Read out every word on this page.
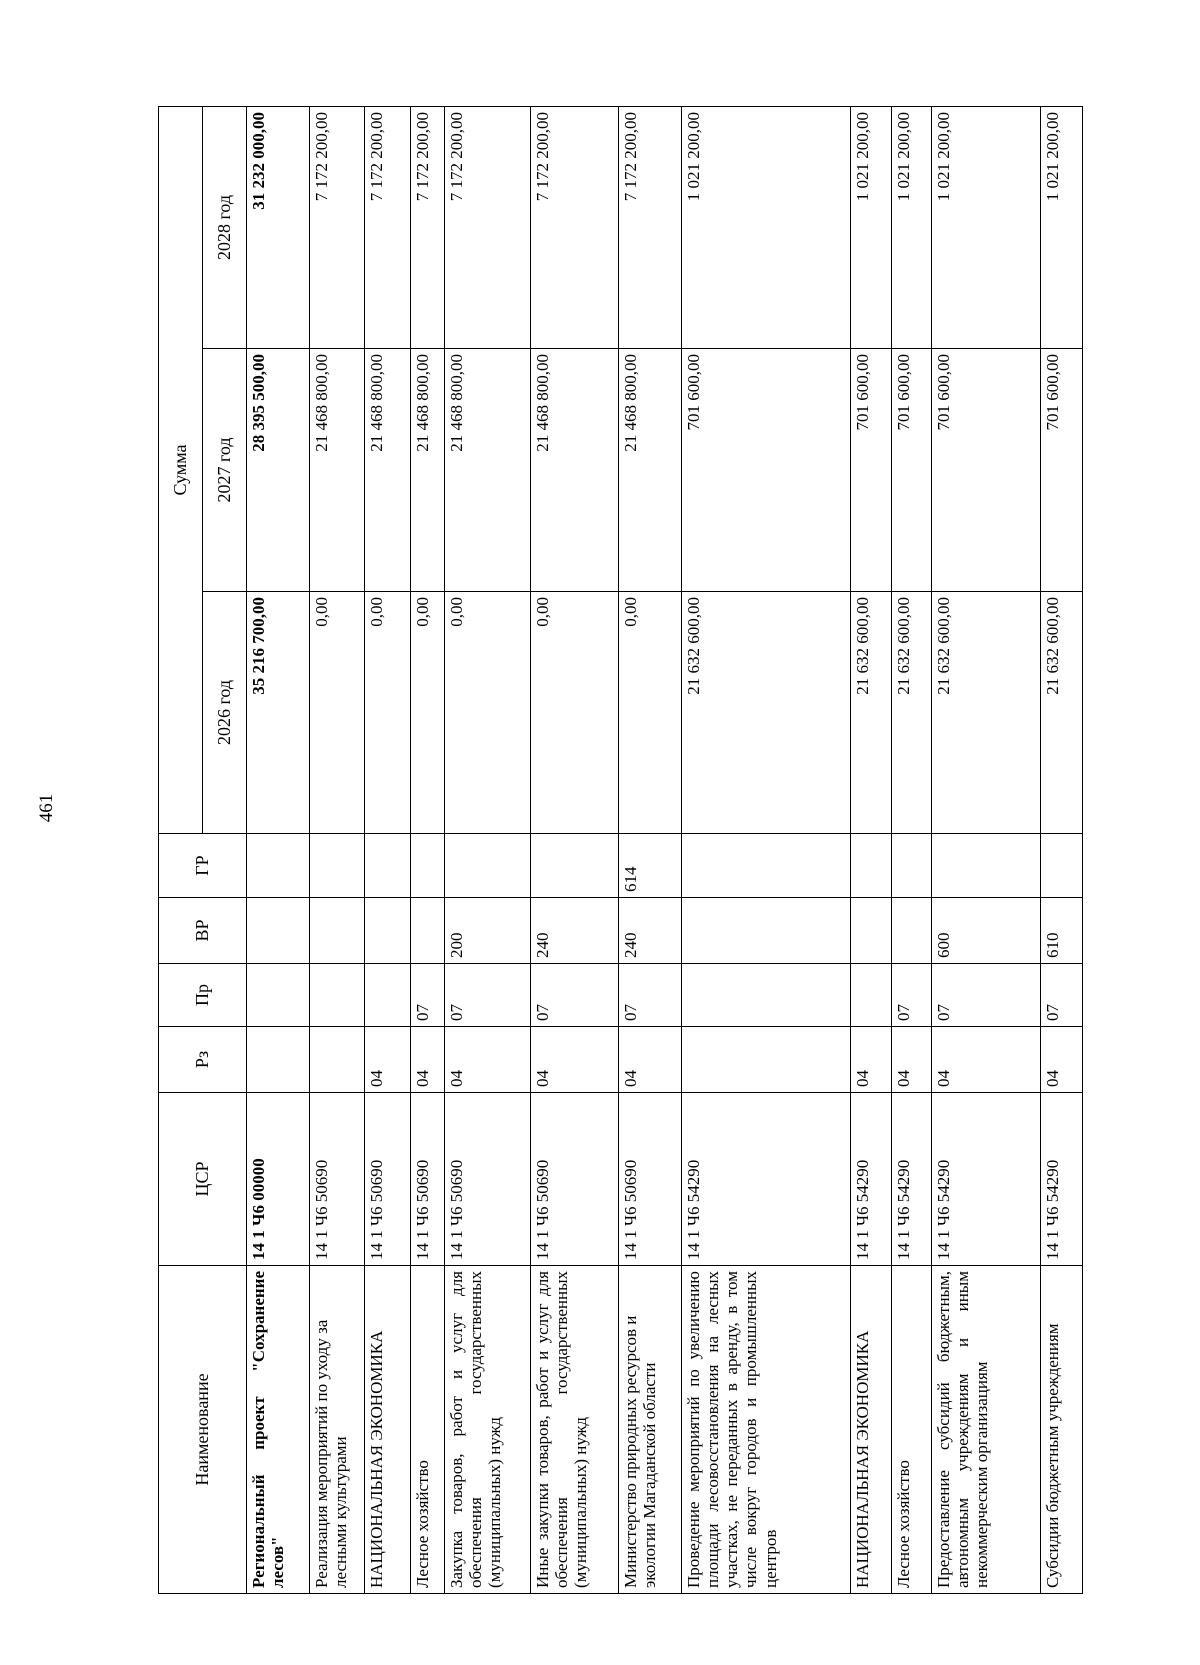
461
Наименование	ЦСР	Рз	Пр	ВР	ГР	Сумма		
						2026 год	2027 год	2028 год
Региональный проект "Сохранение лесов"	14 1 Ч6 00000					35 216 700,00	28 395 500,00	31 232 000,00
Реализация мероприятий по уходу за лесными культурами	14 1 Ч6 50690					0,00	21 468 800,00	7 172 200,00
НАЦИОНАЛЬНАЯ ЭКОНОМИКА	14 1 Ч6 50690	04				0,00	21 468 800,00	7 172 200,00
Лесное хозяйство	14 1 Ч6 50690	04	07			0,00	21 468 800,00	7 172 200,00
Закупка товаров, работ и услуг для обеспечения государственных (муниципальных) нужд	14 1 Ч6 50690	04	07	200		0,00	21 468 800,00	7 172 200,00
Иные закупки товаров, работ и услуг для обеспечения государственных (муниципальных) нужд	14 1 Ч6 50690	04	07	240		0,00	21 468 800,00	7 172 200,00
Министерство природных ресурсов и экологии Магаданской области	14 1 Ч6 50690	04	07	240	614	0,00	21 468 800,00	7 172 200,00
Проведение мероприятий по увеличению площади лесовосстановления на лесных участках, не переданных в аренду, в том числе вокруг городов и промышленных центров	14 1 Ч6 54290					21 632 600,00	701 600,00	1 021 200,00
НАЦИОНАЛЬНАЯ ЭКОНОМИКА	14 1 Ч6 54290	04				21 632 600,00	701 600,00	1 021 200,00
Лесное хозяйство	14 1 Ч6 54290	04	07			21 632 600,00	701 600,00	1 021 200,00
Предоставление субсидий бюджетным, автономным учреждениям и иным некоммерческим организациям	14 1 Ч6 54290	04	07	600		21 632 600,00	701 600,00	1 021 200,00
Субсидии бюджетным учреждениям	14 1 Ч6 54290	04	07	610		21 632 600,00	701 600,00	1 021 200,00
